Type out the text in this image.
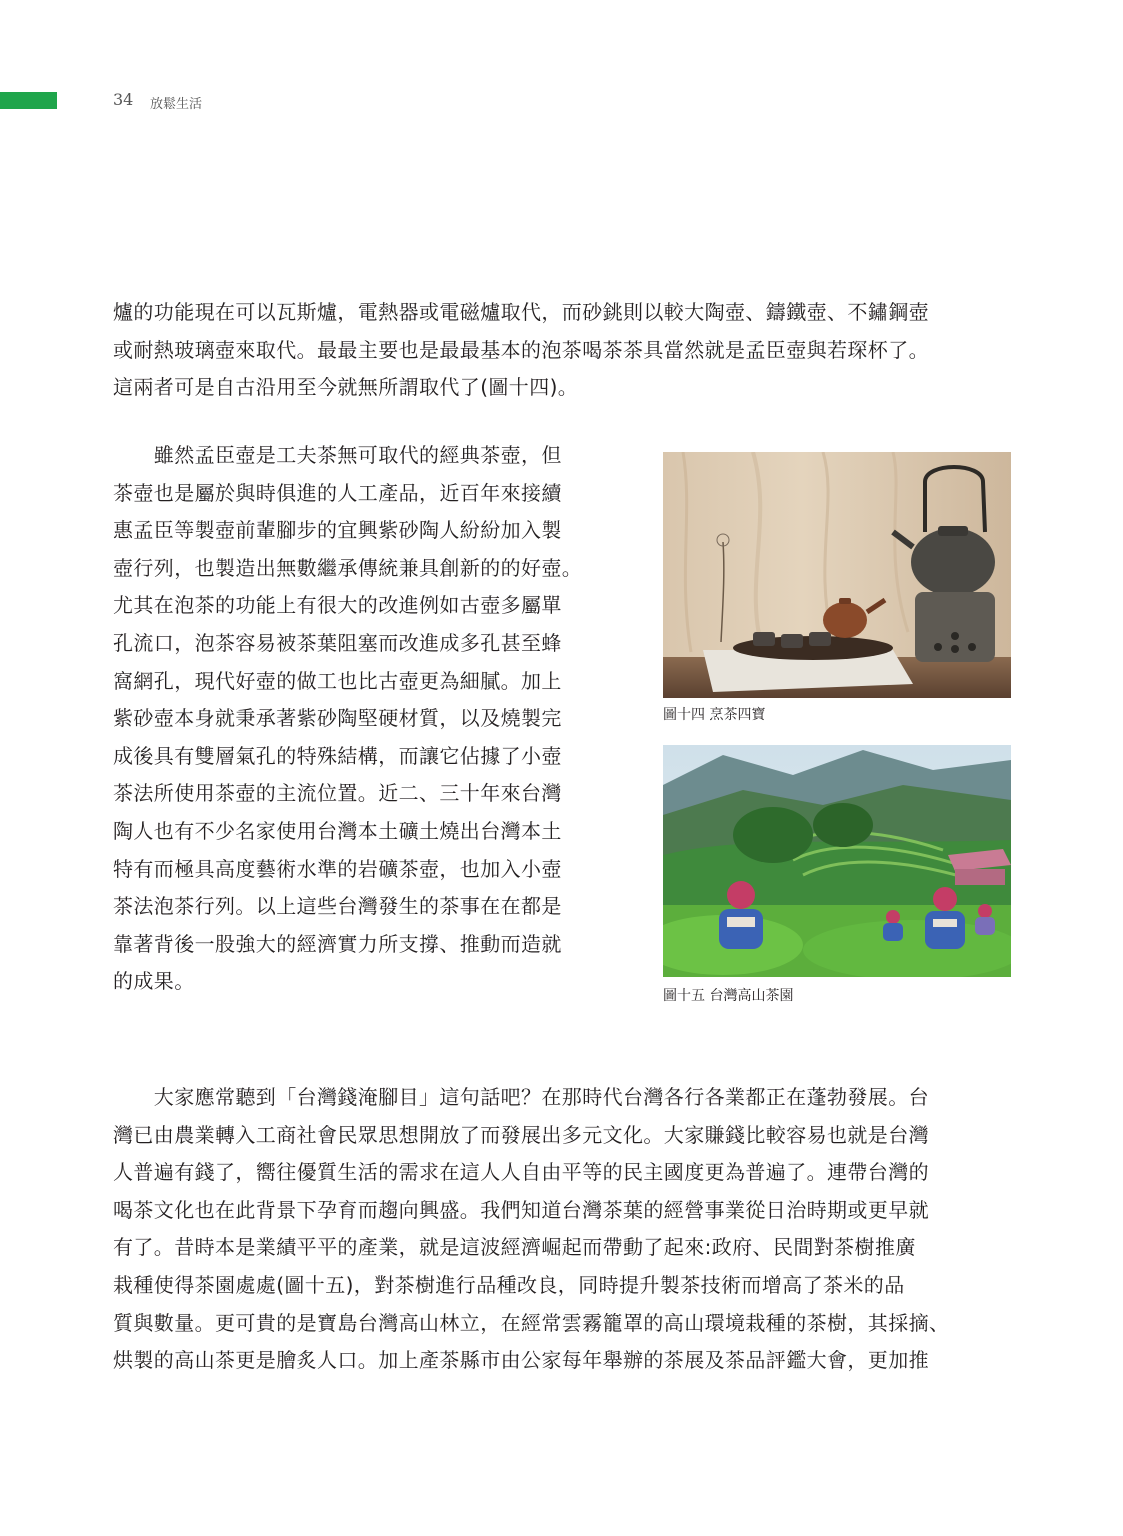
34 放鬆生活

爐的功能現在可以瓦斯爐，電熱器或電磁爐取代，而砂銚則以較大陶壺、鑄鐵壺、不鏽鋼壺
或耐熱玻璃壺來取代。最最主要也是最最基本的泡茶喝茶茶具當然就是孟臣壺與若琛杯了。
這兩者可是自古沿用至今就無所謂取代了(圖十四)。

　　雖然孟臣壺是工夫茶無可取代的經典茶壺，但
茶壺也是屬於與時俱進的人工產品，近百年來接續
惠孟臣等製壺前輩腳步的宜興紫砂陶人紛紛加入製
壺行列，也製造出無數繼承傳統兼具創新的的好壺。
尤其在泡茶的功能上有很大的改進例如古壺多屬單
孔流口，泡茶容易被茶葉阻塞而改進成多孔甚至蜂
窩網孔，現代好壺的做工也比古壺更為細膩。加上
紫砂壺本身就秉承著紫砂陶堅硬材質，以及燒製完
成後具有雙層氣孔的特殊結構，而讓它佔據了小壺
茶法所使用茶壺的主流位置。近二、三十年來台灣
陶人也有不少名家使用台灣本土礦土燒出台灣本土
特有而極具高度藝術水準的岩礦茶壺，也加入小壺
茶法泡茶行列。以上這些台灣發生的茶事在在都是
靠著背後一股強大的經濟實力所支撐、推動而造就
的成果。

圖十四 烹茶四寶
圖十五 台灣高山茶園

　　大家應常聽到「台灣錢淹腳目」這句話吧？在那時代台灣各行各業都正在蓬勃發展。台
灣已由農業轉入工商社會民眾思想開放了而發展出多元文化。大家賺錢比較容易也就是台灣
人普遍有錢了，嚮往優質生活的需求在這人人自由平等的民主國度更為普遍了。連帶台灣的
喝茶文化也在此背景下孕育而趨向興盛。我們知道台灣茶葉的經營事業從日治時期或更早就
有了。昔時本是業績平平的產業，就是這波經濟崛起而帶動了起來:政府、民間對茶樹推廣
栽種使得茶園處處(圖十五)，對茶樹進行品種改良，同時提升製茶技術而增高了茶米的品
質與數量。更可貴的是寶島台灣高山林立，在經常雲霧籠罩的高山環境栽種的茶樹，其採摘、
烘製的高山茶更是膾炙人口。加上產茶縣市由公家每年舉辦的茶展及茶品評鑑大會，更加推
